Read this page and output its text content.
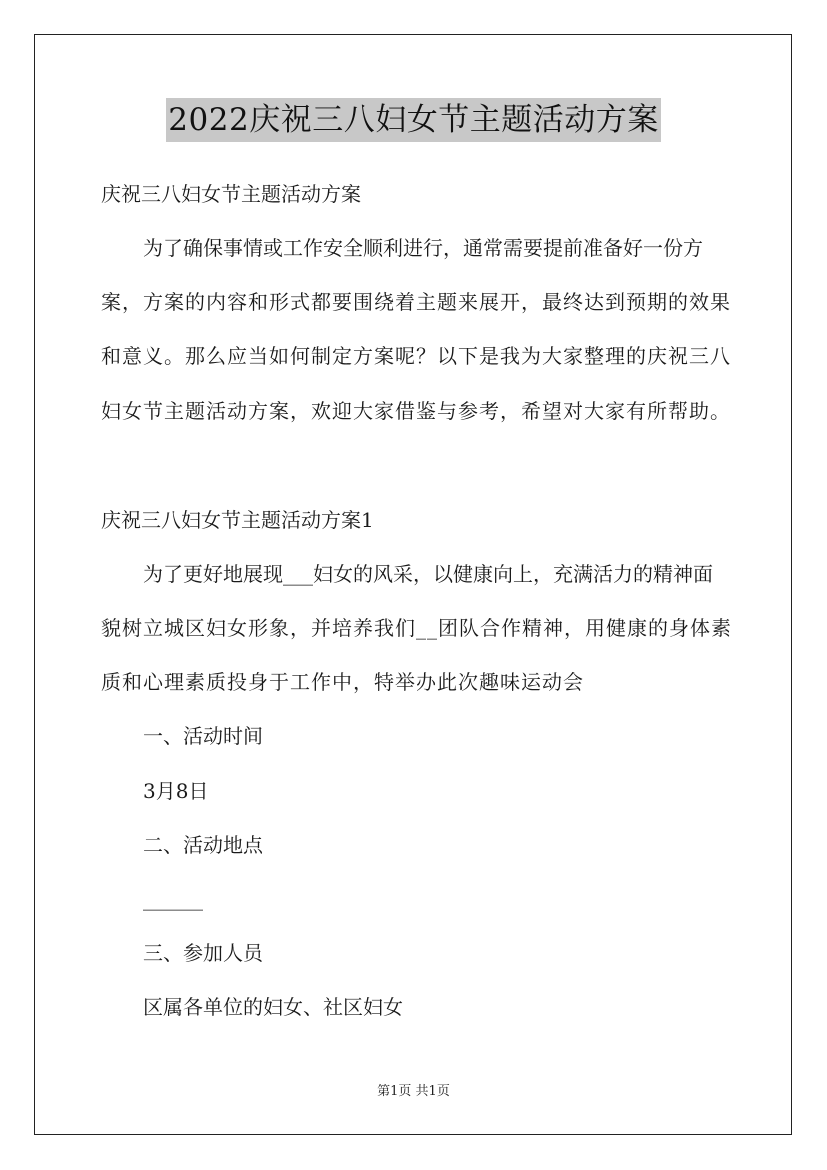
2022庆祝三八妇女节主题活动方案
庆祝三八妇女节主题活动方案
为了确保事情或工作安全顺利进行，通常需要提前准备好一份方
案，方案的内容和形式都要围绕着主题来展开，最终达到预期的效果
和意义。那么应当如何制定方案呢？以下是我为大家整理的庆祝三八
妇女节主题活动方案，欢迎大家借鉴与参考，希望对大家有所帮助。
庆祝三八妇女节主题活动方案1
为了更好地展现___妇女的风采，以健康向上，充满活力的精神面
貌树立城区妇女形象，并培养我们__团队合作精神，用健康的身体素
质和心理素质投身于工作中，特举办此次趣味运动会
一、活动时间
3月8日
二、活动地点
______
三、参加人员
区属各单位的妇女、社区妇女
第1页 共1页
